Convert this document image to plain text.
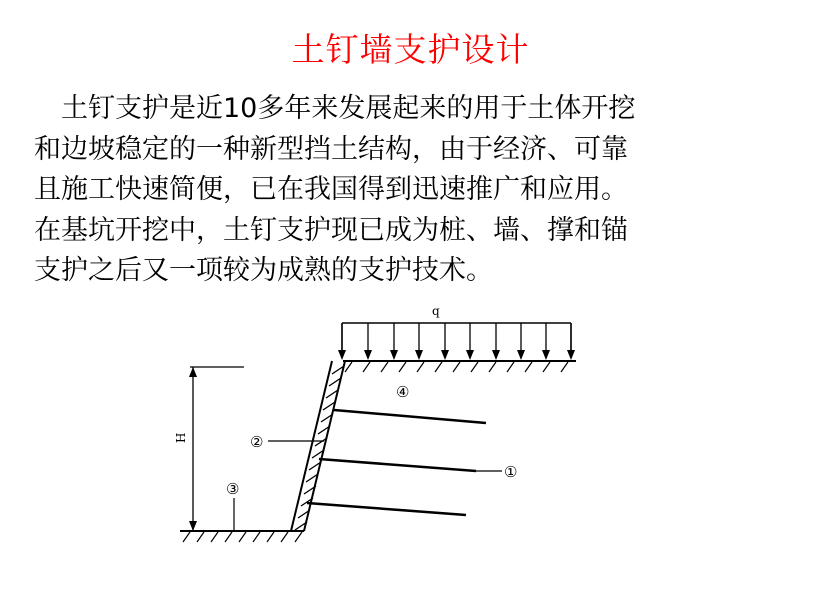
土钉墙支护设计
土钉支护是近10多年来发展起来的用于土体开挖
和边坡稳定的一种新型挡土结构，由于经济、可靠
且施工快速简便，已在我国得到迅速推广和应用。
在基坑开挖中，土钉支护现已成为桩、墙、撑和锚
支护之后又一项较为成熟的支护技术。
q
H
④
②
①
③
